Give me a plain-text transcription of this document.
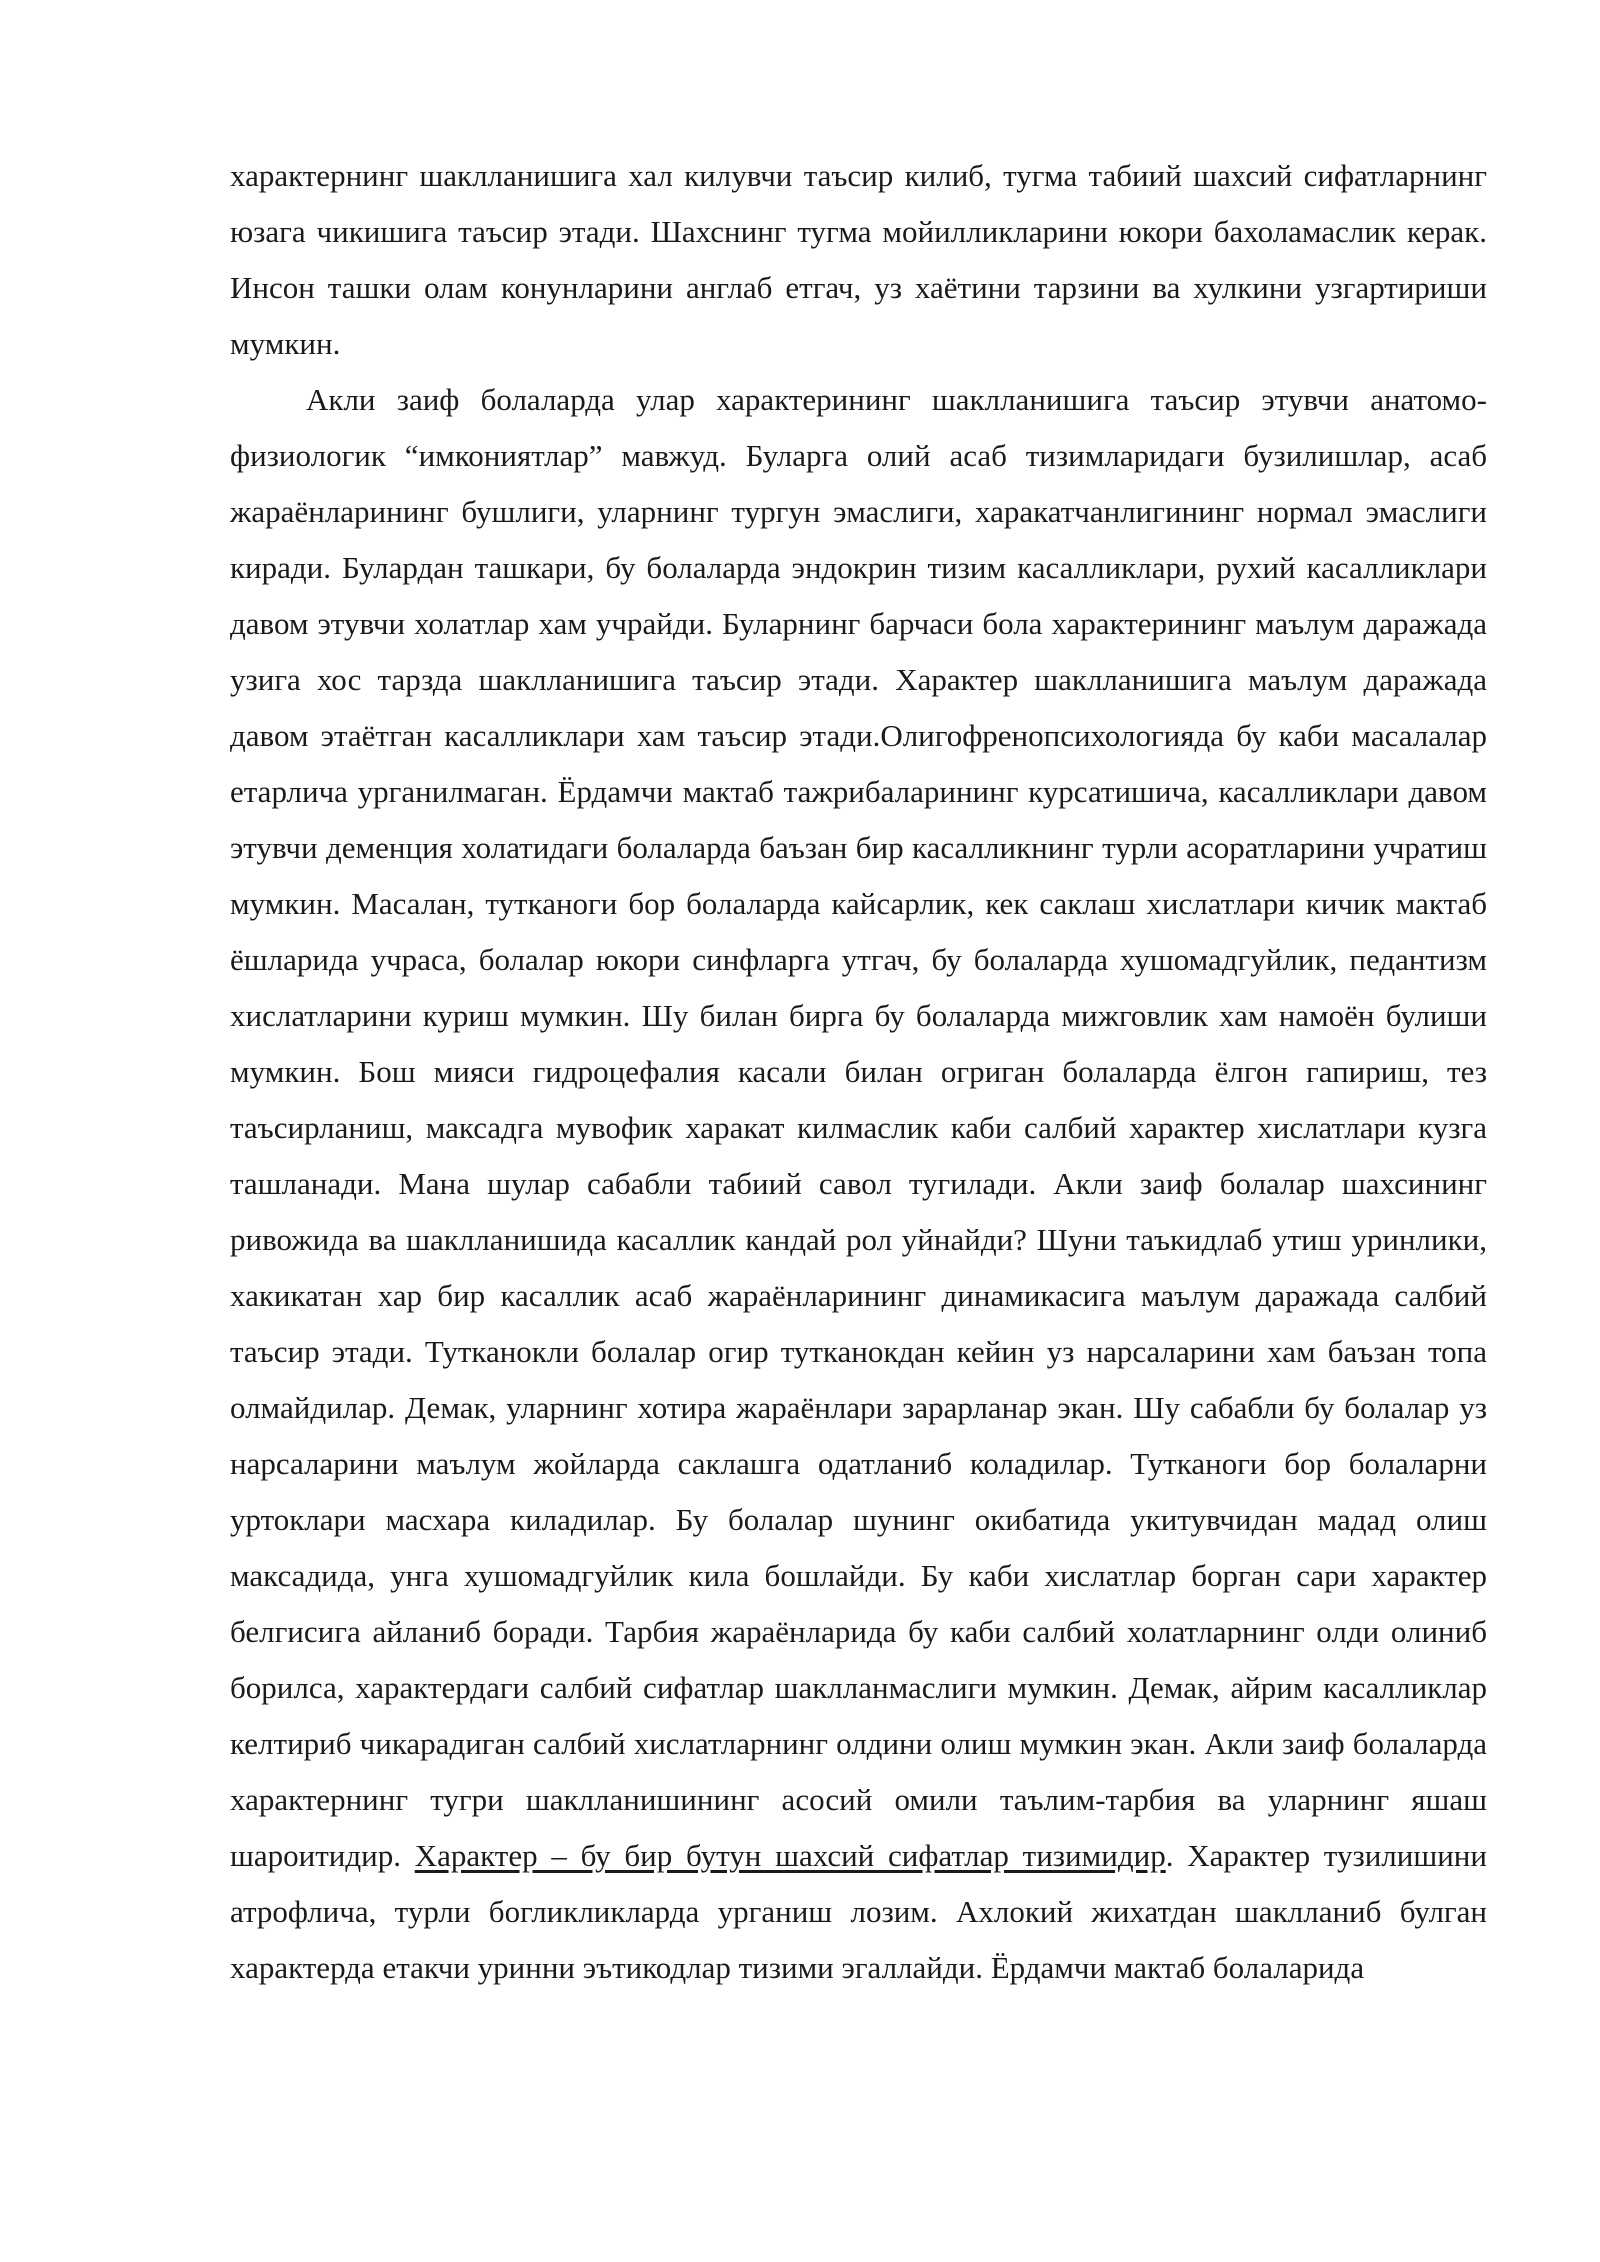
характернинг шаклланишига хал килувчи таъсир килиб, тугма табиий шахсий сифатларнинг юзага чикишига таъсир этади. Шахснинг тугма мойилликларини юкори бахоламаслик керак. Инсон ташки олам конунларини англаб етгач, уз хаётини тарзини ва хулкини узгартириши мумкин.

Акли заиф болаларда улар характерининг шаклланишига таъсир этувчи анатомо-физиологик “имкониятлар” мавжуд. Буларга олий асаб тизимларидаги бузилишлар, асаб жараёнларининг бушлиги, уларнинг тургун эмаслиги, харакатчанлигининг нормал эмаслиги киради. Булардан ташкари, бу болаларда эндокрин тизим касалликлари, рухий касалликлари давом этувчи холатлар хам учрайди. Буларнинг барчаси бола характерининг маълум даражада узига хос тарзда шаклланишига таъсир этади. Характер шаклланишига маълум даражада давом этаётган касалликлари хам таъсир этади.Олигофренопсихологияда бу каби масалалар етарлича урганилмаган. Ёрдамчи мактаб тажрибаларининг курсатишича, касалликлари давом этувчи деменция холатидаги болаларда баъзан бир касалликнинг турли асоратларини учратиш мумкин. Масалан, тутканоги бор болаларда кайсарлик, кек саклаш хислатлари кичик мактаб ёшларида учраса, болалар юкори синфларга утгач, бу болаларда хушомадгуйлик, педантизм хислатларини куриш мумкин. Шу билан бирга бу болаларда мижговлик хам намоён булиши мумкин. Бош мияси гидроцефалия касали билан огриган болаларда ёлгон гапириш, тез таъсирланиш, максадга мувофик харакат килмаслик каби салбий характер хислатлари кузга ташланади. Мана шулар сабабли табиий савол тугилади. Акли заиф болалар шахсининг ривожида ва шаклланишида касаллик кандай рол уйнайди? Шуни таъкидлаб утиш уринлики, хакикатан хар бир касаллик асаб жараёнларининг динамикасига маълум даражада салбий таъсир этади. Тутканокли болалар огир тутканокдан кейин уз нарсаларини хам баъзан топа олмайдилар. Демак, уларнинг хотира жараёнлари зарарланар экан. Шу сабабли бу болалар уз нарсаларини маълум жойларда саклашга одатланиб коладилар. Тутканоги бор болаларни уртоклари масхара киладилар. Бу болалар шунинг окибатида укитувчидан мадад олиш максадида, унга хушомадгуйлик кила бошлайди. Бу каби хислатлар борган сари характер белгисига айланиб боради. Тарбия жараёнларида бу каби салбий холатларнинг олди олиниб борилса, характердаги салбий сифатлар шаклланмаслиги мумкин. Демак, айрим касалликлар келтириб чикарадиган салбий хислатларнинг олдини олиш мумкин экан. Акли заиф болаларда характернинг тугри шаклланишининг асосий омили таълим-тарбия ва уларнинг яшаш шароитидир. Характер – бу бир бутун шахсий сифатлар тизимидир. Характер тузилишини атрофлича, турли богликликларда урганиш лозим. Ахлокий жихатдан шаклланиб булган характерда етакчи уринни эътикодлар тизими эгаллайди. Ёрдамчи мактаб болаларида
